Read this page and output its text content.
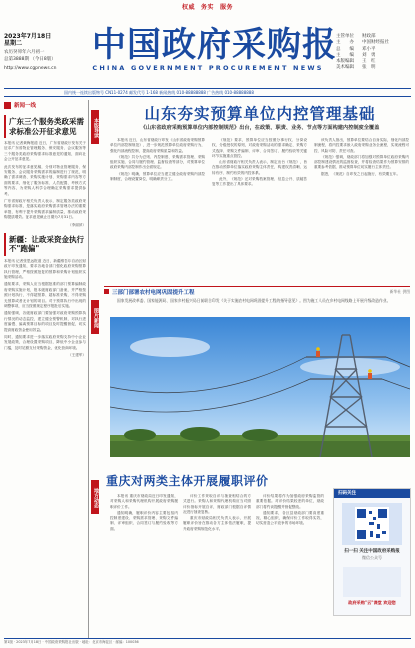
权威 务实 服务
2023年7月18日
星期二
农历癸卯年六月初一
总第3888期 （今日8版）
http://www.cgpnews.cn
中国政府采购报
CHINA GOVERNMENT PROCUREMENT NEWS
主管单位	财政部
主　　办	中国财经报社
总　　编	邓小平
主　　编	刘　勇
本版编辑	王　红
美术编辑	张　明
国内统一连续出版物号 CN11-0274 邮发代号 1-168 新闻热线 010-88888888 广告热线 010-88888888
新闻一线
广东三个服务类政采需求标准公开征求意见

本报讯 记者黄梅报道 近日，广东省财政厅发布关于征求广东省物业管理服务、保安服务、会议服务等三个服务类政府采购需求标准意见的通知，面向社会公开征求意见。

此次发布的征求意见稿，分别对物业管理服务、保安服务、会议服务采购需求的编制进行了规范，明确了需求调查、采购实施计划、采购需求内容等方面的要求，细化了服务标准、人员配置、考核方式等内容，为采购人科学合理确定采购需求提供参考。

广东省财政厅相关负责人表示，制定服务类政府采购需求标准，是落实政府采购需求管理办法的重要举措，有利于提升采购需求编制质量，推动政府采购提质增效。征求意见截止日期为7月31日。

（李丽萍）

新疆：让政采资金执行不"跑偏"

本报讯 记者张思远报道 近日，新疆维吾尔自治区财政厅印发通知，要求各地各部门强化政府采购预算执行管理，严格按照批复的预算和采购计划组织实施采购活动。

通知要求，采购人应当根据批准的部门预算编制政府采购实施计划，报本级财政部门备案，并严格按照计划执行，不得超预算、超标准采购，不得采购无预算或者无计划的项目。对于预算执行中出现的调整事项，应当按照规定程序报批后实施。

通知强调，各级财政部门要加强对政府采购预算执行情况的动态监控，建立健全预警机制，对执行进度偏慢、偏离预算目标的项目及时提醒督促，切实提高财政资金使用效益。

同时，通知要求进一步落实政府采购支持中小企业发展政策，合理设置采购项目，降低中小企业参与门槛，及时足额支付采购资金，优化营商环境。

（王建军）

本版导读
图片新闻
地方动态
山东夯实预算单位内控管理基础
《山东省政府采购预算单位内部控制规范》出台，在政策、职责、业务、节点等方面构建内控制度全覆盖

本报讯 近日，山东省财政厅印发《山东省政府采购预算单位内部控制规范》，进一步规范预算单位政府采购行为，强化内部流程控制，提高政府采购质量和效益。

《规范》共分为总则、内控制度、采购需求管理、采购组织实施、合同与履约管理、监督检查等部分，对预算单位政府采购内部控制作出全面规定。

《规范》明确，预算单位应当建立健全政府采购内部控制制度，合理设置岗位，明确职责分工。

《规范》要求，预算单位应当按照分事行权、分岗设权、分级授权的原则，对政府采购活动的需求确定、采购方式选择、采购文件编制、评审、合同签订、履约验收等关键环节实施重点管控。

山东省财政厅相关负责人表示，制定出台《规范》，旨在推动预算单位落实政府采购主体责任，构建权责清晰、运转有序、制约有效的内控体系。

此外，《规范》还对采购档案管理、信息公开、质疑答复等工作提出了具体要求。

该负责人指出，预算单位要结合自身实际，细化内部控制流程，将内控要求嵌入政府采购业务全流程，实现流程可控、风险可防、责任可查。

《规范》强调，财政部门将加强对预算单位政府采购内部控制建设情况的监督检查，并将检查结果作为预算安排的重要参考依据，推动预算单位切实履行主体责任。

据悉，《规范》自印发之日起施行，有效期五年。

三部门部署农村电网巩固提升工程	新华社 供图
国家发展改革委、国家能源局、国家乡村振兴局日前联合印发《关于实施农村电网巩固提升工程的指导意见》。图为施工人员在乡村电网线路上开展升级改造作业。
重庆对两类主体开展履职评价

本报讯 重庆市财政局近日印发通知，对采购人和采购代理机构开展政府采购履职评价工作。

通知明确，履职评价内容主要包括内控制度建设、采购需求管理、采购文件编制、评审组织、合同签订与履约验收等方面。

评价工作采取自评与抽查相结合的方式进行。采购人和采购代理机构应当对照评价指标开展自评，财政部门根据自评情况进行抽查复核。

重庆市财政局相关负责人表示，开展履职评价旨在推动各方主体依法履职，提升政府采购规范化水平。

评价结果将作为加强政府采购监管的重要依据。对评价结果较差的单位，财政部门将约谈提醒并督促整改。

通知要求，各区县财政部门要高度重视，精心组织，确保评价工作取得实效，切实营造公平竞争的市场环境。

扫码关注
扫一扫 关注中国政府采购报
微信公众号
政府采购"云"课堂 欢迎您
第1版 · 2023年7月18日 · 中国政府采购报社出版 · 地址：北京市海淀区 · 邮编：100036
